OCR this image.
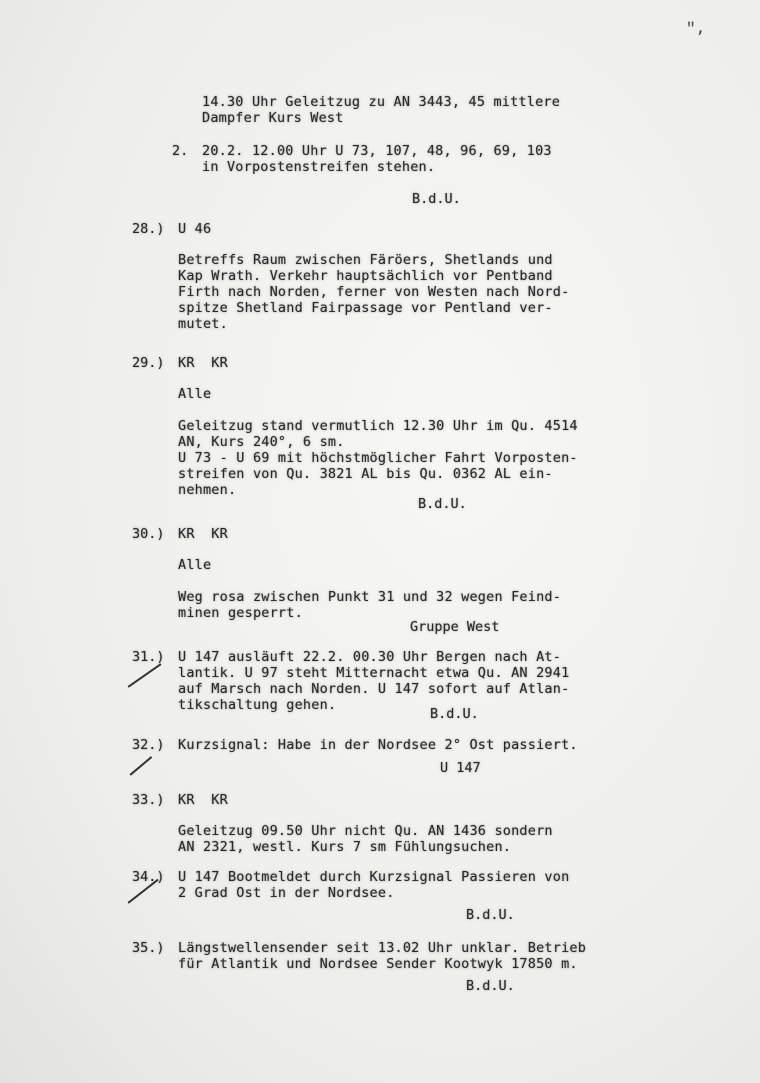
ʺ,
14.30 Uhr Geleitzug zu AN 3443, 45 mittlere
Dampfer Kurs West
2. 20.2. 12.00 Uhr U 73, 107, 48, 96, 69, 103
in Vorpostenstreifen stehen.
B.d.U.
28.) U 46
Betreffs Raum zwischen Färöers, Shetlands und
Kap Wrath. Verkehr hauptsächlich vor Pentband
Firth nach Norden, ferner von Westen nach Nord-
spitze Shetland Fairpassage vor Pentland ver-
mutet.
29.) KR  KR
Alle
Geleitzug stand vermutlich 12.30 Uhr im Qu. 4514
AN, Kurs 240°, 6 sm.
U 73 - U 69 mit höchstmöglicher Fahrt Vorposten-
streifen von Qu. 3821 AL bis Qu. 0362 AL ein-
nehmen.
B.d.U.
30.) KR  KR
Alle
Weg rosa zwischen Punkt 31 und 32 wegen Feind-
minen gesperrt.
Gruppe West
31.) U 147 ausläuft 22.2. 00.30 Uhr Bergen nach At-
lantik. U 97 steht Mitternacht etwa Qu. AN 2941
auf Marsch nach Norden. U 147 sofort auf Atlan-
tikschaltung gehen.
B.d.U.
32.) Kurzsignal: Habe in der Nordsee 2° Ost passiert.
U 147
33.) KR  KR
Geleitzug 09.50 Uhr nicht Qu. AN 1436 sondern
AN 2321, westl. Kurs 7 sm Fühlungsuchen.
34.) U 147 Bootmeldet durch Kurzsignal Passieren von
2 Grad Ost in der Nordsee.
B.d.U.
35.) Längstwellensender seit 13.02 Uhr unklar. Betrieb
für Atlantik und Nordsee Sender Kootwyk 17850 m.
B.d.U.
